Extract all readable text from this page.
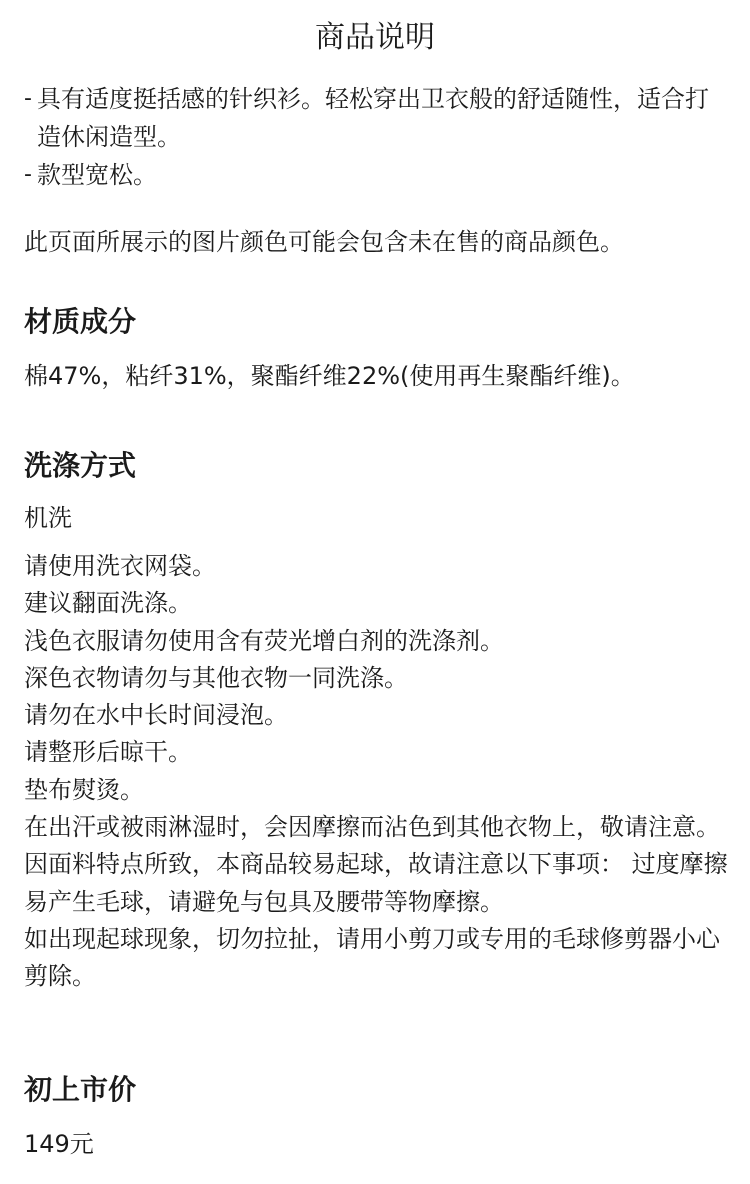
商品说明
- 具有适度挺括感的针织衫。轻松穿出卫衣般的舒适随性，适合打造休闲造型。
- 款型宽松。

此页面所展示的图片颜色可能会包含未在售的商品颜色。

材质成分

棉47%，粘纤31%，聚酯纤维22%(使用再生聚酯纤维)。

洗涤方式

机洗

请使用洗衣网袋。
建议翻面洗涤。
浅色衣服请勿使用含有荧光增白剂的洗涤剂。
深色衣物请勿与其他衣物一同洗涤。
请勿在水中长时间浸泡。
请整形后晾干。
垫布熨烫。
在出汗或被雨淋湿时，会因摩擦而沾色到其他衣物上，敬请注意。
因面料特点所致，本商品较易起球，故请注意以下事项： 过度摩擦易产生毛球，请避免与包具及腰带等物摩擦。
如出现起球现象，切勿拉扯，请用小剪刀或专用的毛球修剪器小心剪除。
初上市价

149元
